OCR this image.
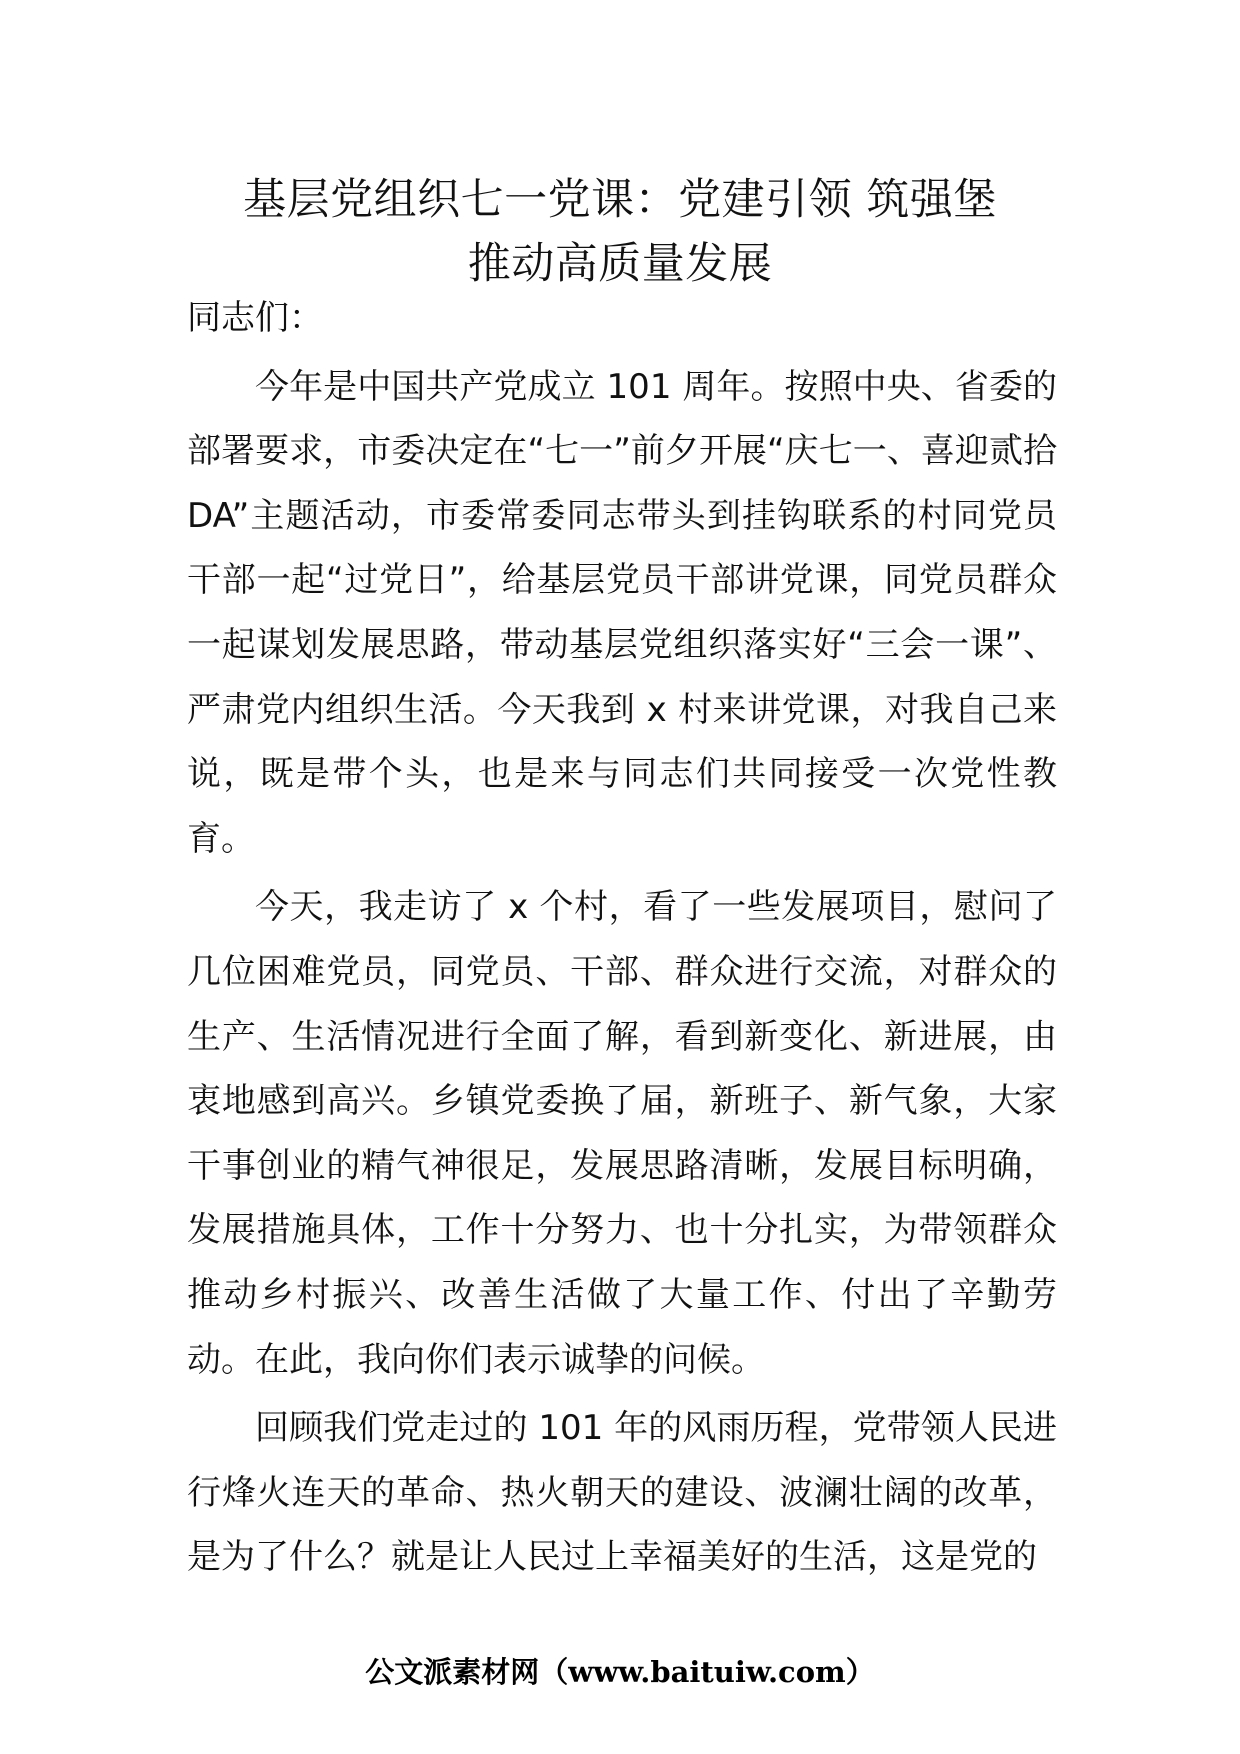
基层党组织七一党课：党建引领 筑强堡
推动高质量发展

同志们：

今年是中国共产党成立 101 周年。按照中央、省委的部署要求，市委决定在“七一”前夕开展“庆七一、喜迎贰拾 DA”主题活动，市委常委同志带头到挂钩联系的村同党员干部一起“过党日”，给基层党员干部讲党课，同党员群众一起谋划发展思路，带动基层党组织落实好“三会一课”、严肃党内组织生活。今天我到 x 村来讲党课，对我自己来说，既是带个头，也是来与同志们共同接受一次党性教育。

今天，我走访了 x 个村，看了一些发展项目，慰问了几位困难党员，同党员、干部、群众进行交流，对群众的生产、生活情况进行全面了解，看到新变化、新进展，由衷地感到高兴。乡镇党委换了届，新班子、新气象，大家干事创业的精气神很足，发展思路清晰，发展目标明确，发展措施具体，工作十分努力、也十分扎实，为带领群众推动乡村振兴、改善生活做了大量工作、付出了辛勤劳动。在此，我向你们表示诚挚的问候。

回顾我们党走过的 101 年的风雨历程，党带领人民进行烽火连天的革命、热火朝天的建设、波澜壮阔的改革，是为了什么？就是让人民过上幸福美好的生活，这是党的

公文派素材网（www.baituiw.com）
